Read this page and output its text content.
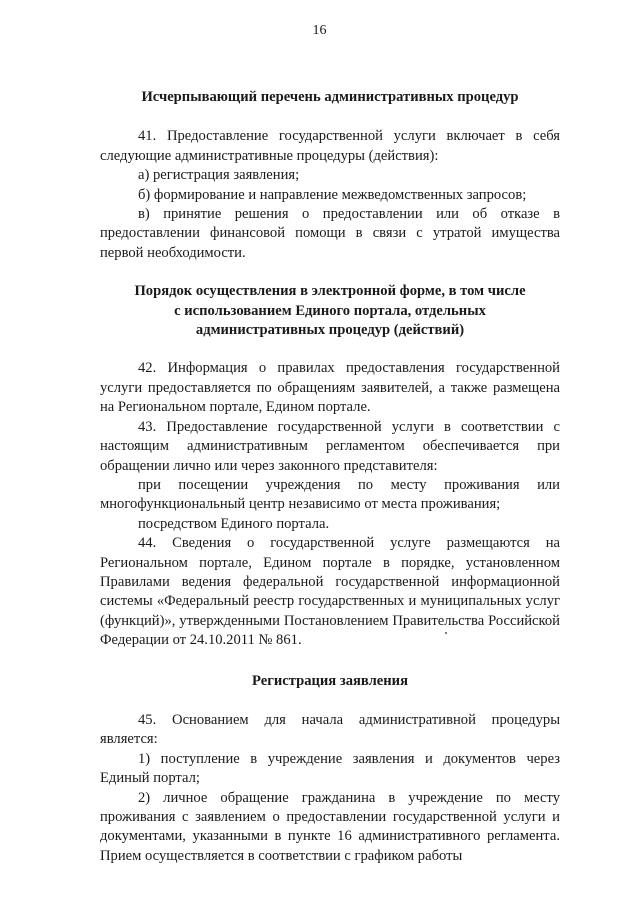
16

Исчерпывающий перечень административных процедур

41. Предоставление государственной услуги включает в себя следующие административные процедуры (действия):

а) регистрация заявления;

б) формирование и направление межведомственных запросов;

в) принятие решения о предоставлении или об отказе в предоставлении финансовой помощи в связи с утратой имущества первой необходимости.

Порядок осуществления в электронной форме, в том числе

с использованием Единого портала, отдельных

административных процедур (действий)

42. Информация о правилах предоставления государственной услуги предоставляется по обращениям заявителей, а также размещена на Региональном портале, Едином портале.

43. Предоставление государственной услуги в соответствии с настоящим административным регламентом обеспечивается при обращении лично или через законного представителя:

при посещении учреждения по месту проживания или многофункциональный центр независимо от места проживания;

посредством Единого портала.

44. Сведения о государственной услуге размещаются на Региональном портале, Едином портале в порядке, установленном Правилами ведения федеральной государственной информационной системы «Федеральный реестр государственных и муниципальных услуг (функций)», утвержденными Постановлением Правительства Российской Федерации от 24.10.2011 № 861.

Регистрация заявления

45. Основанием для начала административной процедуры является:

1) поступление в учреждение заявления и документов через Единый портал;

2) личное обращение гражданина в учреждение по месту проживания с заявлением о предоставлении государственной услуги и документами, указанными в пункте 16 административного регламента. Прием осуществляется в соответствии с графиком работы
